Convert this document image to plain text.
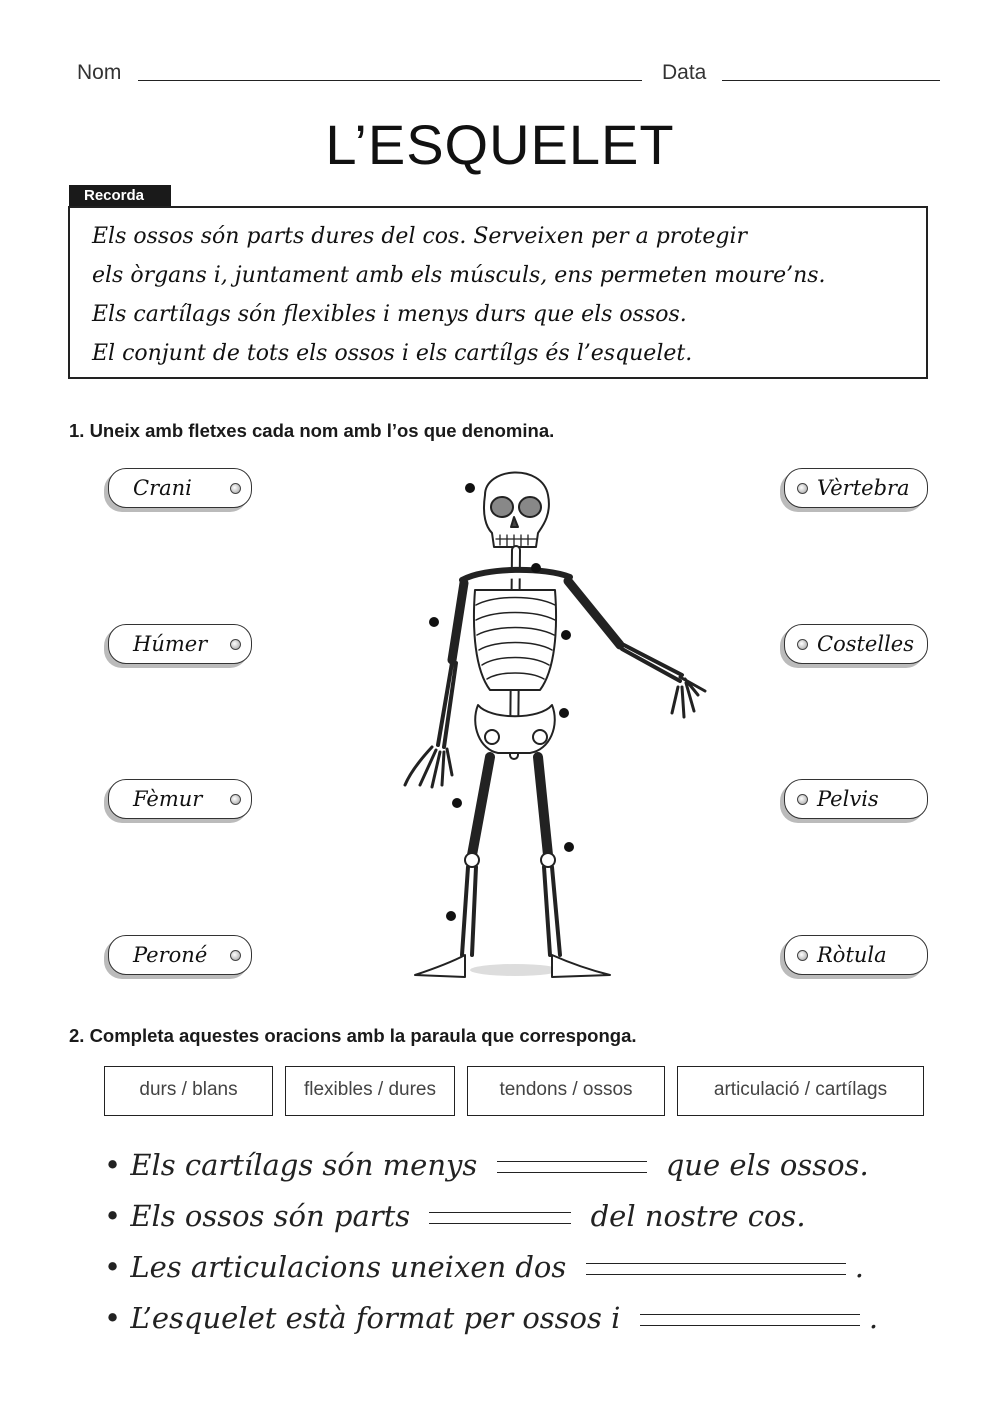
Nom	Data
L’ESQUELET
Recorda
Els ossos són parts dures del cos. Serveixen per a protegir
els òrgans i, juntament amb els músculs, ens permeten moure’ns.
Els cartílags són flexibles i menys durs que els ossos.
El conjunt de tots els ossos i els cartílgs és l’esquelet.
1. Uneix amb fletxes cada nom amb l’os que denomina.
Crani
Húmer
Fèmur
Peroné
Vèrtebra
Costelles
Pelvis
Ròtula
2. Completa aquestes oracions amb la paraula que corresponga.
durs / blans	flexibles / dures	tendons / ossos	articulació / cartílags
• Els cartílags són menys	que els ossos.
• Els ossos són parts	del nostre cos.
• Les articulacions uneixen dos	.
• L’esquelet està format per ossos i	.
